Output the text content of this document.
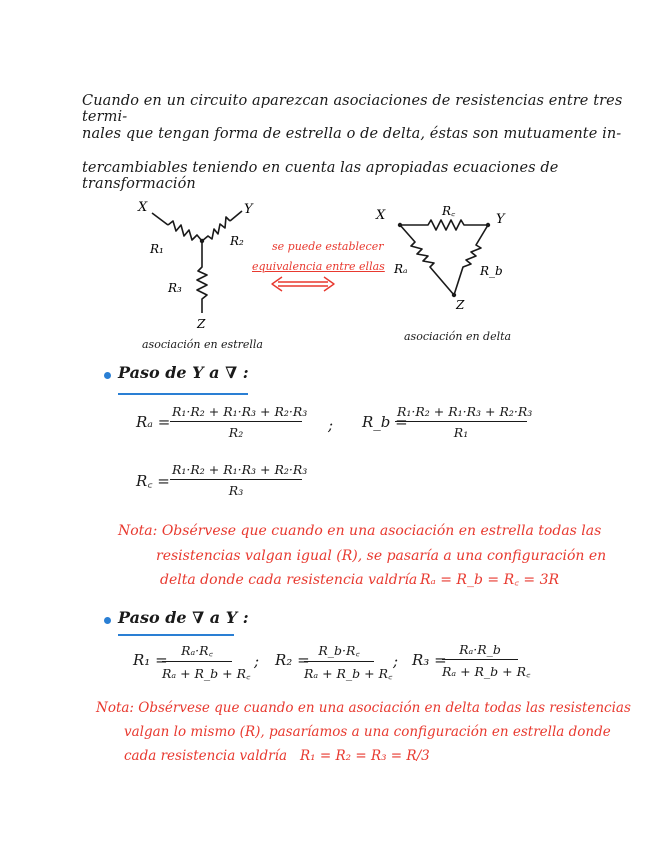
Cuando en un circuito aparezcan asociaciones de resistencias entre tres termi-
nales que tengan forma de estrella o de delta, éstas son mutuamente in-
tercambiables teniendo en cuenta las apropiadas ecuaciones de transformación
X	Y
Z
R₁
R₂
R₃
asociación en estrella
se puede establecer
equivalencia entre ellas
X	Y
Z
R꜀
Rₐ	R_b
asociación en delta
Paso de Y a ∇ :
$R_a = \frac{\text{R₁·R₂ + R₁·R₃ + R₂·R₃}}{\text{R₂}}$ ; R_b =
$\frac{\text{R₁·R₂ + R₁·R₃ + R₂·R₃}}{\text{R₁}}$
R꜀ = $\frac{\text{R₁·R₂ + R₁·R₃ + R₂·R₃}}{\text{R₃}}$
Nota: Obsérvese que cuando en una asociación en estrella todas las
resistencias valgan igual (R), se pasaría a una configuración en
delta donde cada resistencia valdría Rₐ = R_b = R꜀ = 3R
Paso de ∇ a Y :
R₁ =
$\frac{\text{Rₐ·R꜀}}{\text{Rₐ + R\_b + R꜀}}$ ; R₂ =
$\frac{R\_b\cdot R꜀}{\text{Rₐ + R\_b + R꜀}}$ ; R₃ =
$\frac{\text{Rₐ·R\_b}}{\text{Rₐ + R\_b + R꜀}}$
Nota: Obsérvese que cuando en una asociación en delta todas las resistencias
valgan lo mismo (R), pasaríamos a una configuración en estrella donde
cada resistencia valdría R₁ = R₂ = R₃ = R/3
